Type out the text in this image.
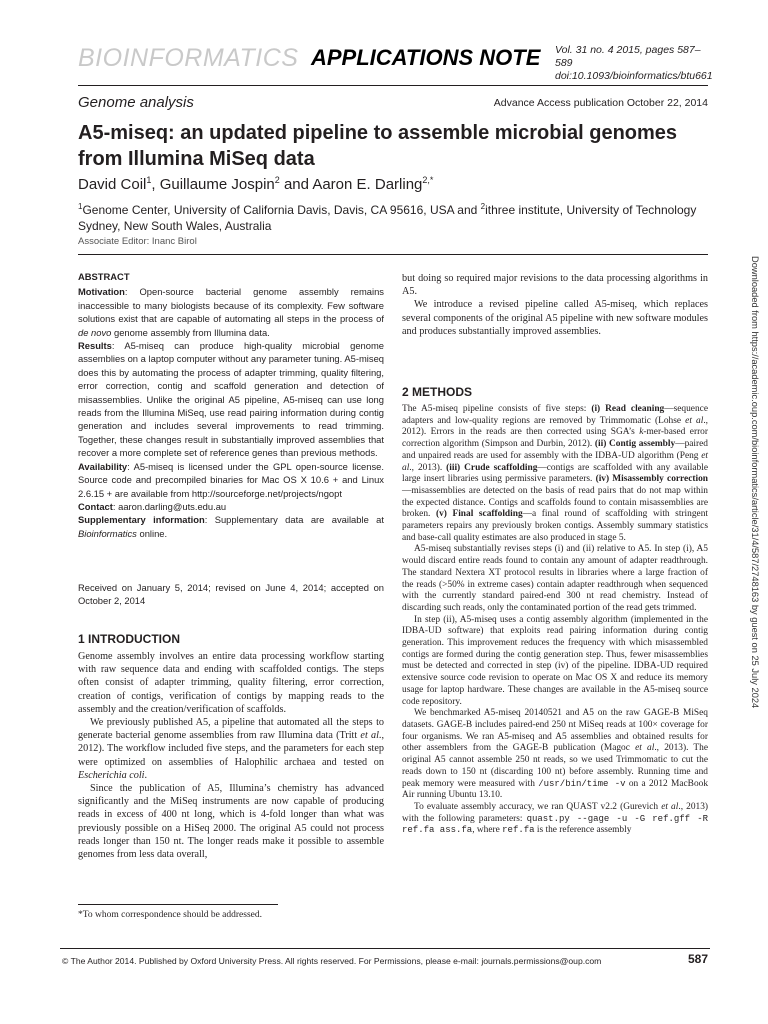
BIOINFORMATICS APPLICATIONS NOTE Vol. 31 no. 4 2015, pages 587–589
doi:10.1093/bioinformatics/btu661
Genome analysis	Advance Access publication October 22, 2014
A5-miseq: an updated pipeline to assemble microbial genomes
from Illumina MiSeq data
David Coil$^1$, Guillaume Jospin$^2$ and Aaron E. Darling$^{2,*}$
$^1$Genome Center, University of California Davis, Davis, CA 95616, USA and $^2$ithree institute, University of Technology
Sydney, New South Wales, Australia
Associate Editor: Inanc Birol
ABSTRACT

Motivation: Open-source bacterial genome assembly remains inaccessible to many biologists because of its complexity. Few software solutions exist that are capable of automating all steps in the process of de novo genome assembly from Illumina data.

Results: A5-miseq can produce high-quality microbial genome assemblies on a laptop computer without any parameter tuning. A5-miseq does this by automating the process of adapter trimming, quality filtering, error correction, contig and scaffold generation and detection of misassemblies. Unlike the original A5 pipeline, A5-miseq can use long reads from the Illumina MiSeq, use read pairing information during contig generation and includes several improvements to read trimming. Together, these changes result in substantially improved assemblies that recover a more complete set of reference genes than previous methods.

Availability: A5-miseq is licensed under the GPL open-source license. Source code and precompiled binaries for Mac OS X 10.6 + and Linux 2.6.15 + are available from http://sourceforge.net/projects/ngopt

Contact: aaron.darling@uts.edu.au

Supplementary information: Supplementary data are available at Bioinformatics online.

Received on January 5, 2014; revised on June 4, 2014; accepted on October 2, 2014
1 INTRODUCTION

Genome assembly involves an entire data processing workflow starting with raw sequence data and ending with scaffolded contigs. The steps often consist of adapter trimming, quality filtering, error correction, creation of contigs, verification of contigs by mapping reads to the assembly and the creation/verification of scaffolds.

We previously published A5, a pipeline that automated all the steps to generate bacterial genome assemblies from raw Illumina data (Tritt et al., 2012). The workflow included five steps, and the parameters for each step were optimized on assemblies of Halophilic archaea and tested on Escherichia coli.

Since the publication of A5, Illumina’s chemistry has advanced significantly and the MiSeq instruments are now capable of producing reads in excess of 400 nt long, which is 4-fold longer than what was previously possible on a HiSeq 2000. The original A5 could not process reads longer than 150 nt. The longer reads make it possible to assemble genomes from less data overall,

*To whom correspondence should be addressed.

but doing so required major revisions to the data processing algorithms in A5.

We introduce a revised pipeline called A5-miseq, which replaces several components of the original A5 pipeline with new software modules and produces substantially improved assemblies.

2 METHODS

The A5-miseq pipeline consists of five steps: (i) Read cleaning—sequence adapters and low-quality regions are removed by Trimmomatic (Lohse et al., 2012). Errors in the reads are then corrected using SGA’s k-mer-based error correction algorithm (Simpson and Durbin, 2012). (ii) Contig assembly—paired and unpaired reads are used for assembly with the IDBA-UD algorithm (Peng et al., 2013). (iii) Crude scaffolding—contigs are scaffolded with any available large insert libraries using permissive parameters. (iv) Misassembly correction—misassemblies are detected on the basis of read pairs that do not map within the expected distance. Contigs and scaffolds found to contain misassemblies are broken. (v) Final scaffolding—a final round of scaffolding with stringent parameters repairs any previously broken contigs. Assembly summary statistics and base-call quality estimates are also produced in stage 5.

A5-miseq substantially revises steps (i) and (ii) relative to A5. In step (i), A5 would discard entire reads found to contain any amount of adapter readthrough. The standard Nextera XT protocol results in libraries where a large fraction of the reads (>50% in extreme cases) contain adapter readthrough when sequenced with the currently standard paired-end 300 nt read chemistry. Instead of discarding such reads, only the contaminated portion of the read gets trimmed.

In step (ii), A5-miseq uses a contig assembly algorithm (implemented in the IDBA-UD software) that exploits read pairing information during contig generation. This improvement reduces the frequency with which misassembled contigs are formed during the contig generation step. Thus, fewer misassemblies must be detected and corrected in step (iv) of the pipeline. IDBA-UD required extensive source code revision to operate on Mac OS X and reduce its memory usage for laptop hardware. These changes are available in the A5-miseq source code repository.

We benchmarked A5-miseq 20140521 and A5 on the raw GAGE-B MiSeq datasets. GAGE-B includes paired-end 250 nt MiSeq reads at 100× coverage for four organisms. We ran A5-miseq and A5 assemblies and obtained results for other assemblers from the GAGE-B publication (Magoc et al., 2013). The original A5 cannot assemble 250 nt reads, so we used Trimmomatic to cut the reads down to 150 nt (discarding 100 nt) before assembly. Running time and peak memory were measured with /usr/bin/time -v on a 2012 MacBook Air running Ubuntu 13.10.

To evaluate assembly accuracy, we ran QUAST v2.2 (Gurevich et al., 2013) with the following parameters: quast.py --gage -u -G ref.gff -R ref.fa ass.fa, where ref.fa is the reference assembly

Downloaded from https://academic.oup.com/bioinformatics/article/31/4/587/2748163 by guest on 25 July 2024
© The Author 2014. Published by Oxford University Press. All rights reserved. For Permissions, please e-mail: journals.permissions@oup.com	587
